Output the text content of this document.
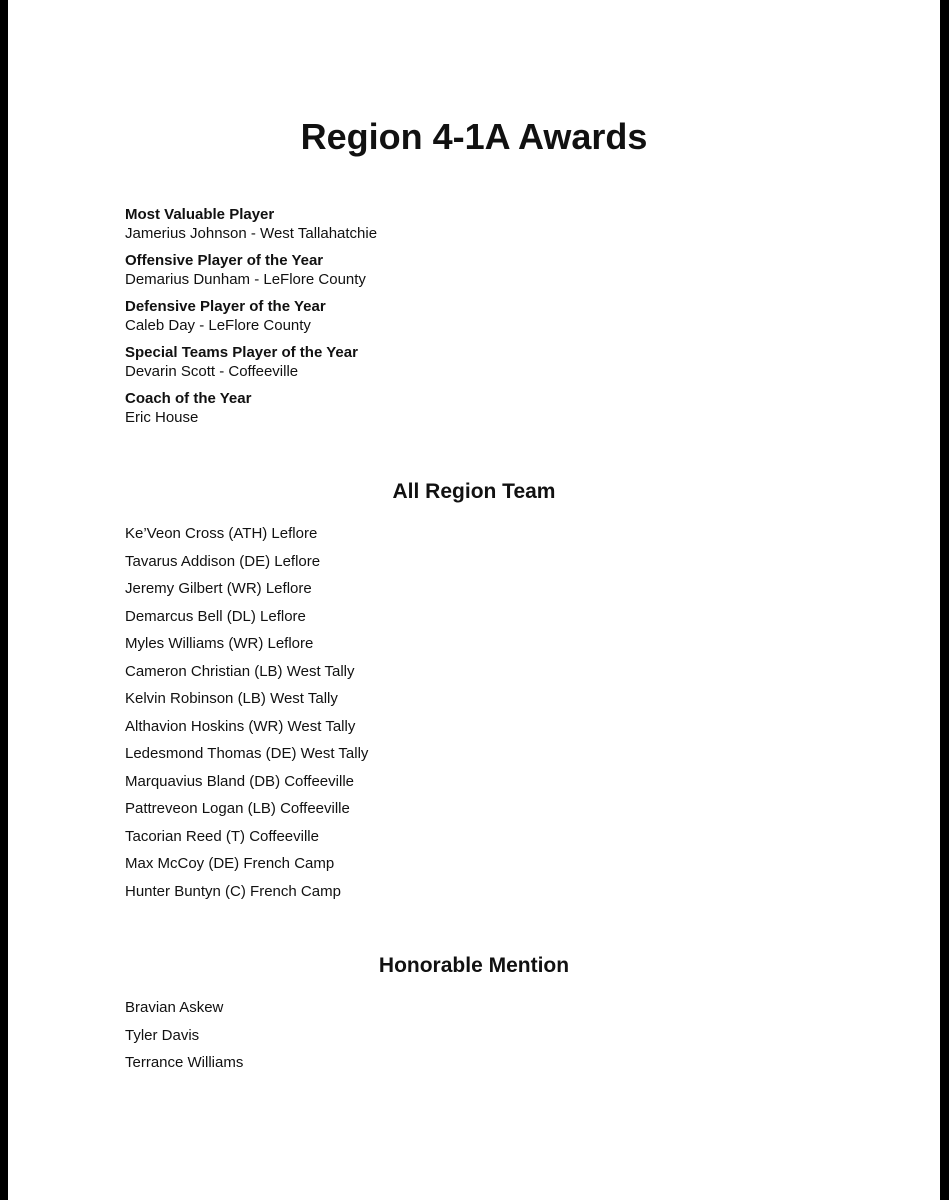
Region 4-1A Awards
Most Valuable Player
Jamerius Johnson - West Tallahatchie
Offensive Player of the Year
Demarius Dunham - LeFlore County
Defensive Player of the Year
Caleb Day - LeFlore County
Special Teams Player of the Year
Devarin Scott - Coffeeville
Coach of the Year
Eric House
All Region Team
Ke’Veon Cross (ATH) Leflore
Tavarus Addison (DE) Leflore
Jeremy Gilbert (WR) Leflore
Demarcus Bell (DL) Leflore
Myles Williams (WR) Leflore
Cameron Christian (LB) West Tally
Kelvin Robinson (LB) West Tally
Althavion Hoskins (WR) West Tally
Ledesmond Thomas (DE) West Tally
Marquavius Bland (DB) Coffeeville
Pattreveon Logan (LB) Coffeeville
Tacorian Reed (T) Coffeeville
Max McCoy (DE) French Camp
Hunter Buntyn (C) French Camp
Honorable Mention
Bravian Askew
Tyler Davis
Terrance Williams
